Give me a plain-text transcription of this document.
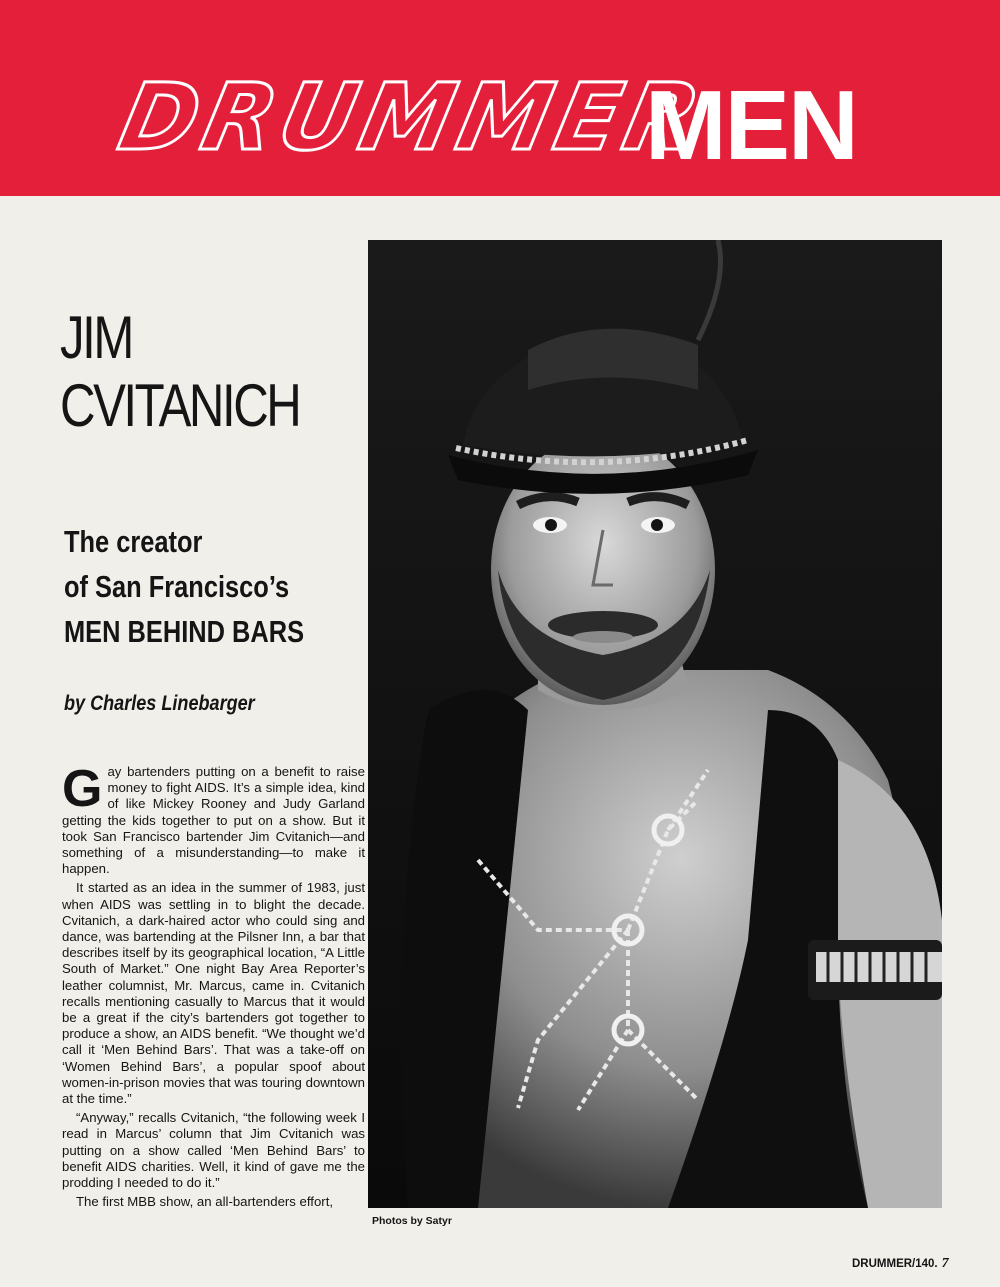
DRUMMER
MEN
JIM
CVITANICH
The creator
of San Francisco’s
MEN BEHIND BARS
by Charles Linebarger

Gay bartenders putting on a benefit to raise money to fight AIDS. It’s a simple idea, kind of like Mickey Rooney and Judy Garland getting the kids together to put on a show. But it took San Francisco bartender Jim Cvitanich—and something of a misunderstanding—to make it happen.

It started as an idea in the summer of 1983, just when AIDS was settling in to blight the decade. Cvitanich, a dark-haired actor who could sing and dance, was bartending at the Pilsner Inn, a bar that describes itself by its geographical location, “A Little South of Market.” One night Bay Area Reporter’s leather columnist, Mr. Marcus, came in. Cvitanich recalls mentioning casually to Marcus that it would be a great if the city’s bartenders got together to produce a show, an AIDS benefit. “We thought we’d call it ‘Men Behind Bars’. That was a take-off on ‘Women Behind Bars’, a popular spoof about women-in-prison movies that was touring downtown at the time.”

“Anyway,” recalls Cvitanich, “the following week I read in Marcus’ column that Jim Cvitanich was putting on a show called ‘Men Behind Bars’ to benefit AIDS charities. Well, it kind of gave me the prodding I needed to do it.”

The first MBB show, an all-bartenders effort,

Photos by Satyr
DRUMMER/140. 7
